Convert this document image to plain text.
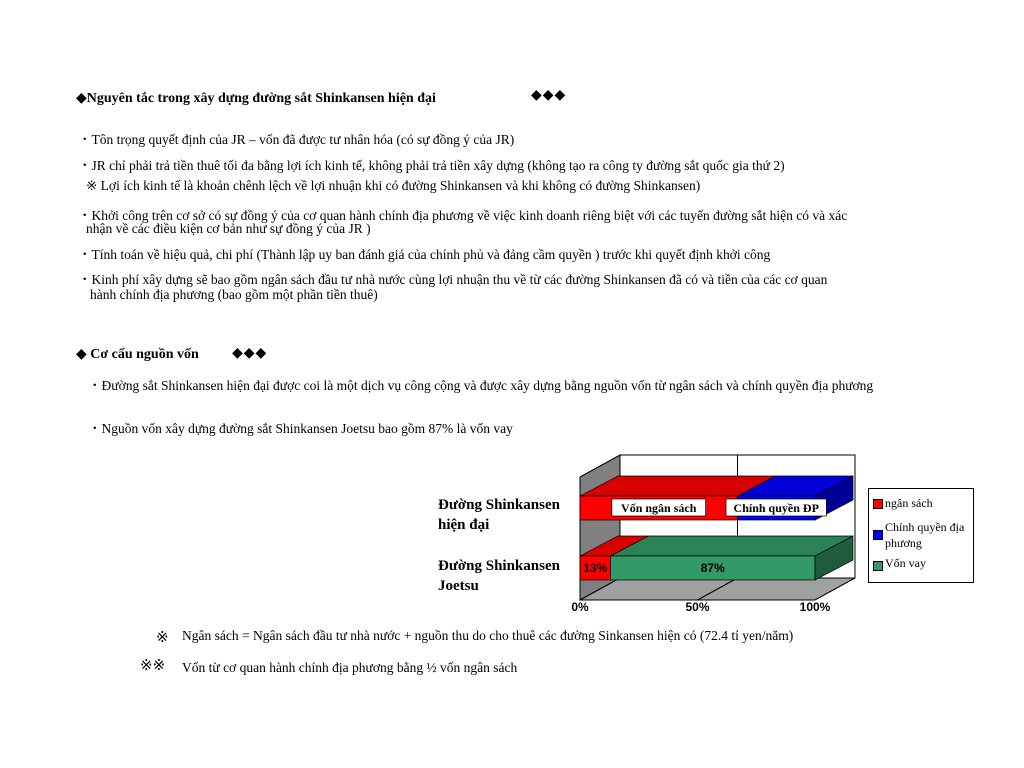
◆Nguyên tắc trong xây dựng đường sắt Shinkansen hiện đại	◆◆◆
・Tôn trọng quyết định của JR – vốn đã được tư nhân hóa (có sự đồng ý của JR)
・JR chỉ phải trả tiền thuê tối đa bằng lợi ích kinh tế, không phải trả tiền xây dựng (không tạo ra công ty đường sắt quốc gia thứ 2)
※ Lợi ích kinh tế là khoản chênh lệch về lợi nhuận khi có đường Shinkansen và khi không có đường Shinkansen)
・Khởi công trên cơ sở có sự đồng ý của cơ quan hành chính địa phương về việc kinh doanh riêng biệt với các tuyến đường sắt hiện có và xác
nhận về các điều kiện cơ bản như sự đồng ý của JR )
・Tính toán về hiệu quả, chi phí (Thành lập uy ban đánh giá của chính phủ và đảng cầm quyền ) trước khi quyết định khởi công
・Kinh phí xây dựng sẽ bao gồm ngân sách đầu tư nhà nước cùng lợi nhuận thu về từ các đường Shinkansen đã có và tiền của các cơ quan
hành chính địa phương (bao gồm một phần tiền thuê)
◆ Cơ cấu nguồn vốn ◆◆◆
・Đường sắt Shinkansen hiện đại được coi là một dịch vụ công cộng và được xây dựng bằng nguồn vốn từ ngân sách và chính quyền địa phương
・Nguồn vốn xây dựng đường sắt Shinkansen Joetsu bao gồm 87% là vốn vay
0%	50%	100%
Vốn ngân sách	Chính quyền ĐP
13%	87%
Đường Shinkansen hiện đại
Đường Shinkansen Joetsu
ngân sách
Chính quyền địa phương
Vốn vay
※ Ngân sách = Ngân sách đầu tư nhà nước + nguồn thu do cho thuê các đường Sinkansen hiện có (72.4 tỉ yen/năm)
※※ Vốn từ cơ quan hành chính địa phương bằng ½ vốn ngân sách
